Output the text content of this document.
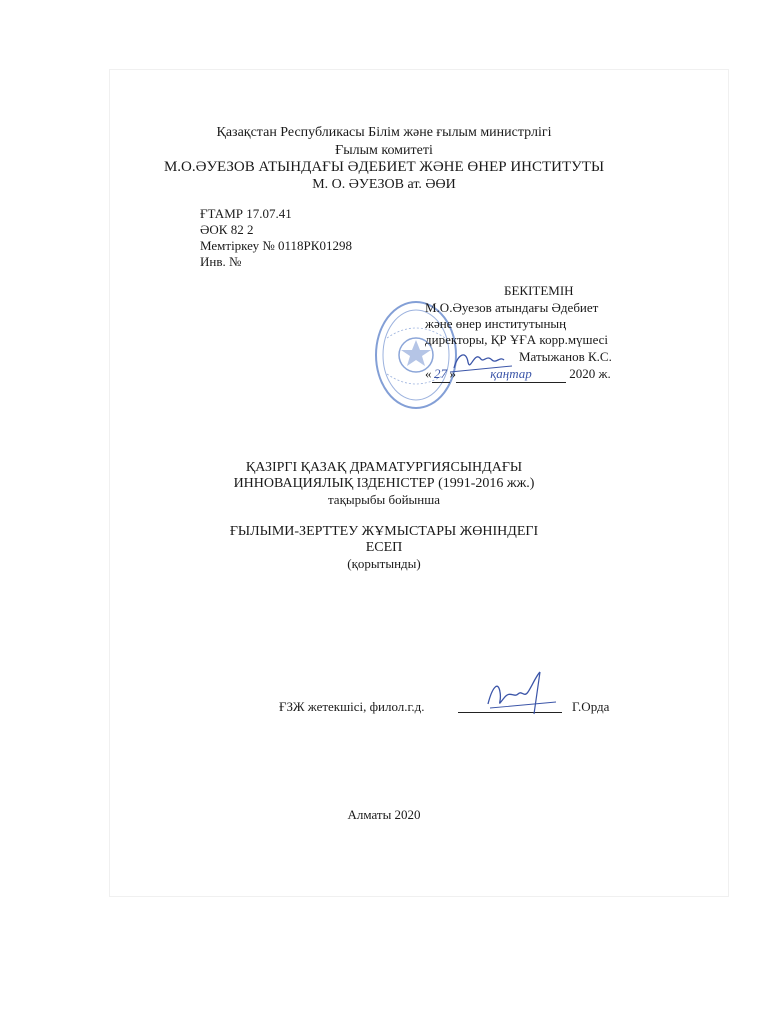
Қазақстан Республикасы Білім және ғылым министрлігі
Ғылым комитеті
М.О.ӘУЕЗОВ АТЫНДАҒЫ ӘДЕБИЕТ ЖӘНЕ ӨНЕР ИНСТИТУТЫ
М. О. ӘУЕЗОВ ат. ӘӨИ
ҒТАМР 17.07.41
ӘОК 82 2
Мемтіркеу № 0118РК01298
Инв. №
БЕКІТЕМІН
М.О.Әуезов атындағы Әдебиет
және өнер институтының
директоры, ҚР ҰҒА корр.мүшесі
Матыжанов К.С.
« 27 »	қаңтар	2020 ж.
ҚАЗІРГІ ҚАЗАҚ ДРАМАТУРГИЯСЫНДАҒЫ
ИННОВАЦИЯЛЫҚ ІЗДЕНІСТЕР (1991-2016 жж.)
тақырыбы бойынша
ҒЫЛЫМИ-ЗЕРТТЕУ ЖҰМЫСТАРЫ ЖӨНІНДЕГІ
ЕСЕП
(қорытынды)
ҒЗЖ жетекшісі, филол.г.д.	Г.Орда
Алматы 2020
